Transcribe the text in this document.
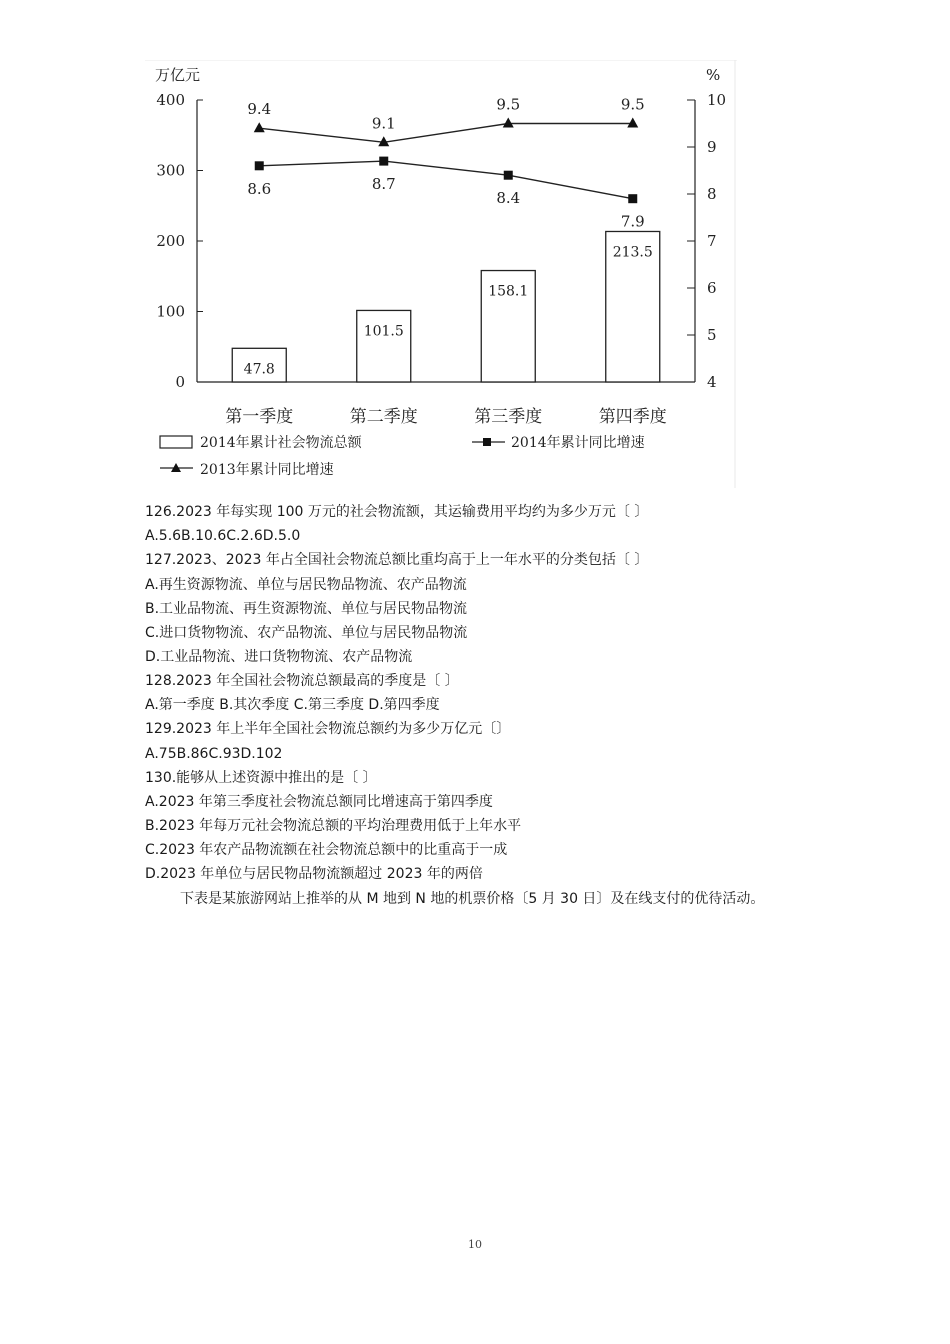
万亿元	%
0
100
200
300
400
4
5
6
7
8
9
10
47.8
101.5
158.1
213.5
8.6	8.7
8.4
7.9
9.4
9.1
9.5	9.5
第一季度	第二季度	第三季度	第四季度
2014年累计社会物流总额	2014年累计同比增速
2013年累计同比增速
126.2023 年每实现 100 万元的社会物流额，其运输费用平均约为多少万元〔 〕
A.5.6B.10.6C.2.6D.5.0
127.2023、2023 年占全国社会物流总额比重均高于上一年水平的分类包括〔 〕
A.再生资源物流、单位与居民物品物流、农产品物流
B.工业品物流、再生资源物流、单位与居民物品物流
C.进口货物物流、农产品物流、单位与居民物品物流
D.工业品物流、进口货物物流、农产品物流
128.2023 年全国社会物流总额最高的季度是〔 〕
A.第一季度 B.其次季度 C.第三季度 D.第四季度
129.2023 年上半年全国社会物流总额约为多少万亿元〔〕
A.75B.86C.93D.102
130.能够从上述资源中推出的是〔 〕
A.2023 年第三季度社会物流总额同比增速高于第四季度
B.2023 年每万元社会物流总额的平均治理费用低于上年水平
C.2023 年农产品物流额在社会物流总额中的比重高于一成
D.2023 年单位与居民物品物流额超过 2023 年的两倍
下表是某旅游网站上推举的从 M 地到 N 地的机票价格〔5 月 30 日〕及在线支付的优待活动。
10
